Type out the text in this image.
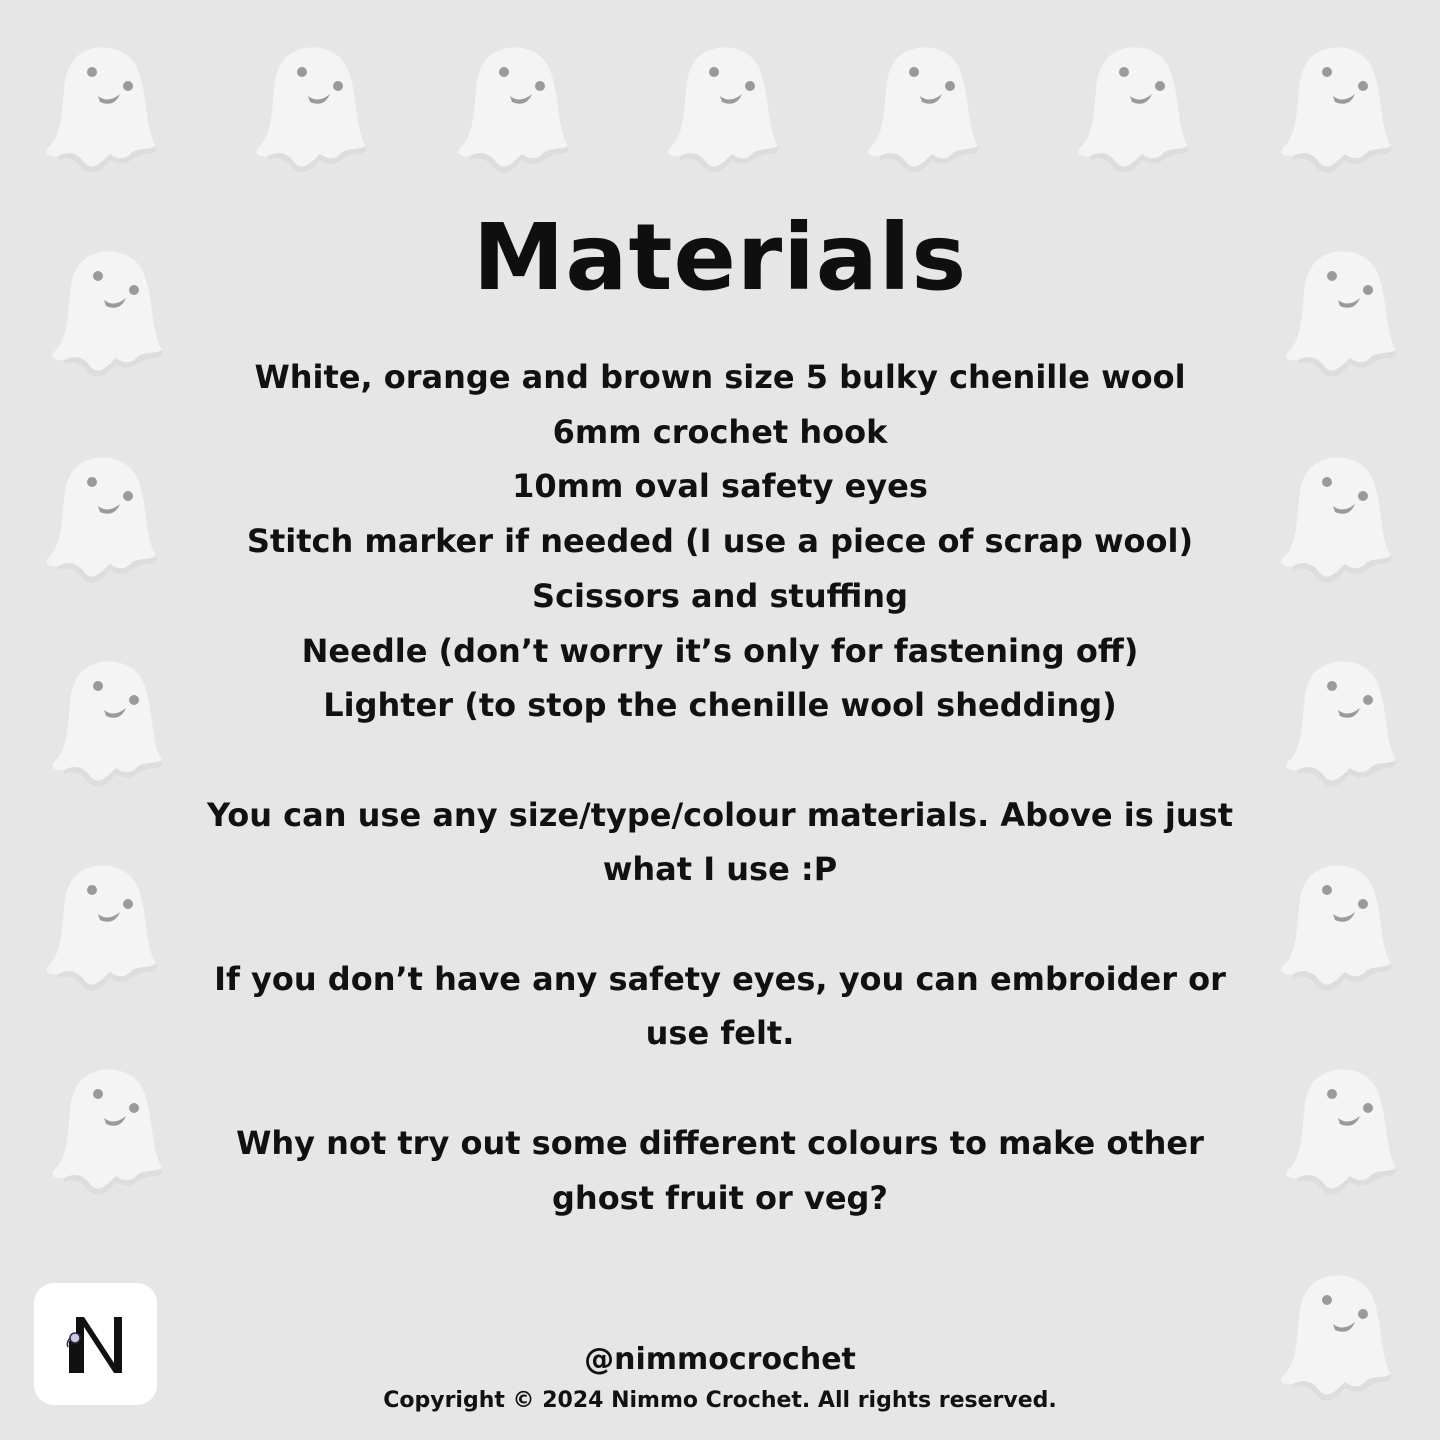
Materials
White, orange and brown size 5 bulky chenille wool
6mm crochet hook
10mm oval safety eyes
Stitch marker if needed (I use a piece of scrap wool)
Scissors and stuffing
Needle (don’t worry it’s only for fastening off)
Lighter (to stop the chenille wool shedding)
You can use any size/type/colour materials. Above is just
what I use :P
If you don’t have any safety eyes, you can embroider or
use felt.
Why not try out some different colours to make other
ghost fruit or veg?
@nimmocrochet
Copyright © 2024 Nimmo Crochet. All rights reserved.
